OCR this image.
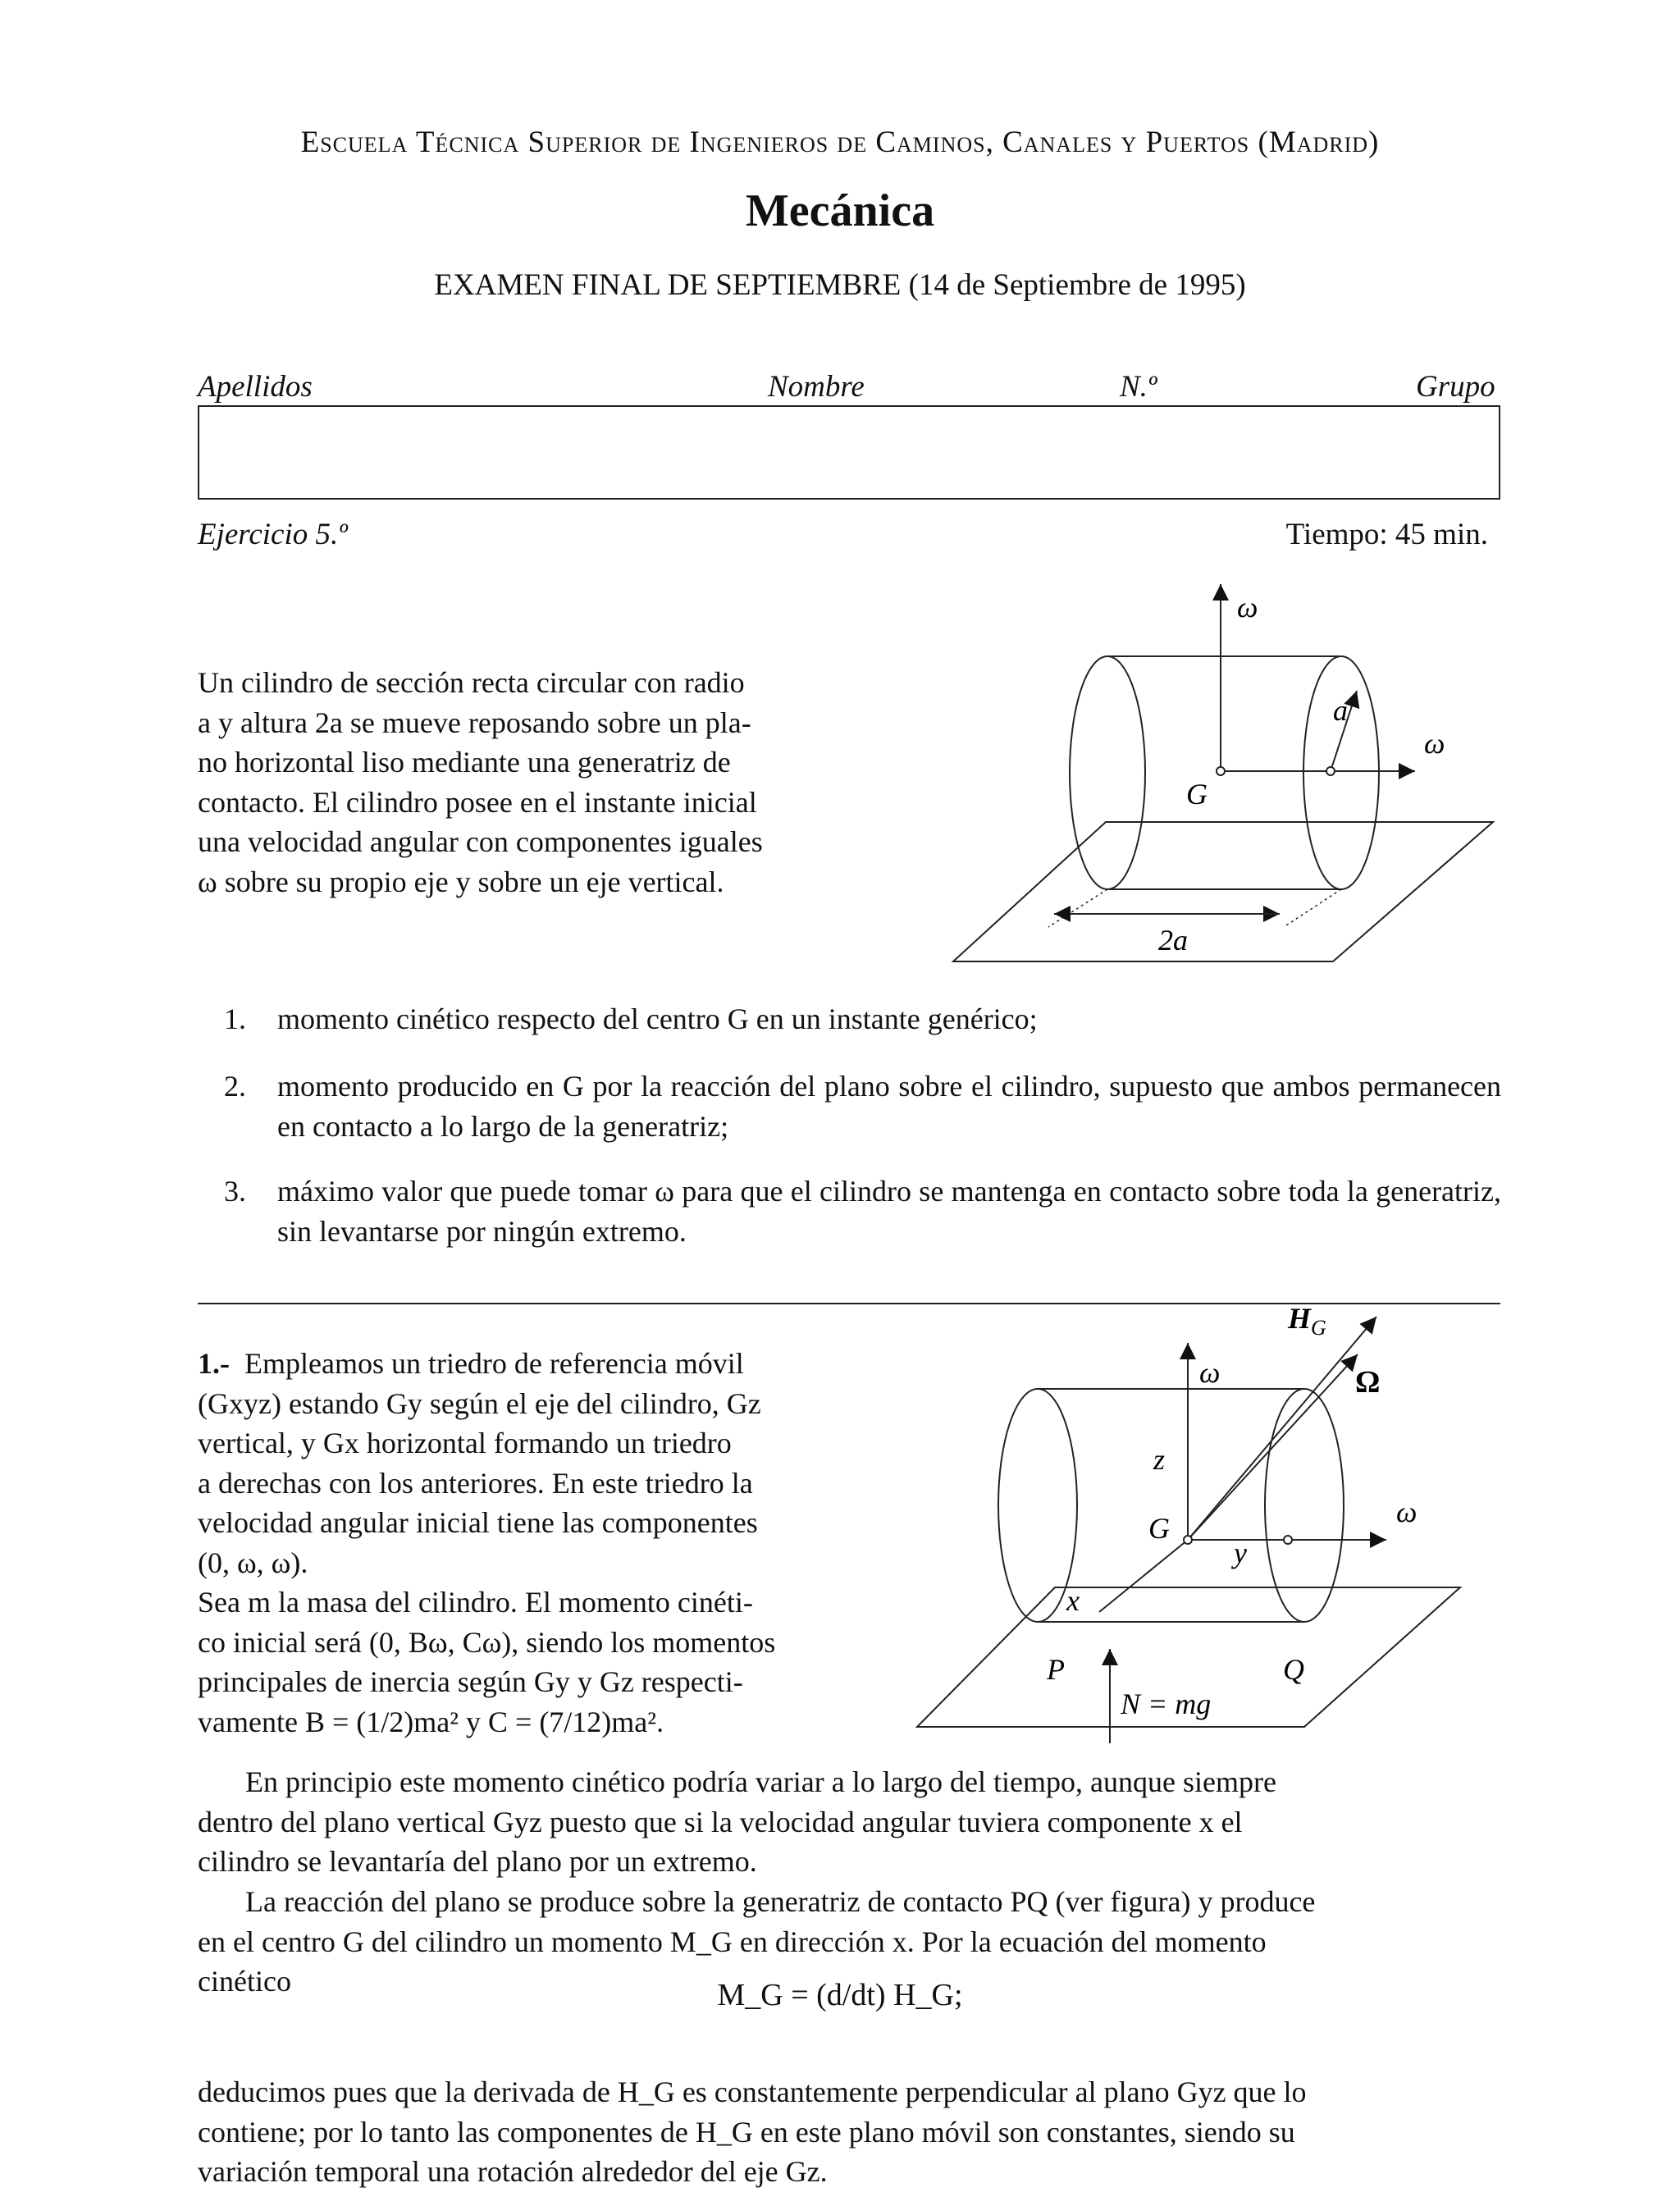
Escuela Técnica Superior de Ingenieros de Caminos, Canales y Puertos (Madrid)
Mecánica
EXAMEN FINAL DE SEPTIEMBRE (14 de Septiembre de 1995)
Apellidos	Nombre	N.º	Grupo
Ejercicio 5.º	Tiempo: 45 min.
Un cilindro de sección recta circular con radio
a y altura 2a se mueve reposando sobre un pla-
no horizontal liso mediante una generatriz de
contacto. El cilindro posee en el instante inicial
una velocidad angular con componentes iguales
ω sobre su propio eje y sobre un eje vertical.
ω
ω
a
G
2a
1. momento cinético respecto del centro G en un instante genérico;
2. momento producido en G por la reacción del plano sobre el cilindro, supuesto que ambos permanecen en contacto a lo largo de la generatriz;
3. máximo valor que puede tomar ω para que el cilindro se mantenga en contacto sobre toda la generatriz, sin levantarse por ningún extremo.
1.- Empleamos un triedro de referencia móvil
(Gxyz) estando Gy según el eje del cilindro, Gz
vertical, y Gx horizontal formando un triedro
a derechas con los anteriores. En este triedro la
velocidad angular inicial tiene las componentes
(0, ω, ω).
Sea m la masa del cilindro. El momento cinéti-
co inicial será (0, Bω, Cω), siendo los momentos
principales de inercia según Gy y Gz respecti-
vamente B = (1/2)ma² y C = (7/12)ma².
$H_G$
Ω
ω
ω
z
G
y
x
P	Q
N = mg
En principio este momento cinético podría variar a lo largo del tiempo, aunque siempre
dentro del plano vertical Gyz puesto que si la velocidad angular tuviera componente x el
cilindro se levantaría del plano por un extremo.
La reacción del plano se produce sobre la generatriz de contacto PQ (ver figura) y produce
en el centro G del cilindro un momento M_G en dirección x. Por la ecuación del momento
cinético	M_G = (d/dt) H_G;
deducimos pues que la derivada de H_G es constantemente perpendicular al plano Gyz que lo
contiene; por lo tanto las componentes de H_G en este plano móvil son constantes, siendo su
variación temporal una rotación alrededor del eje Gz.
